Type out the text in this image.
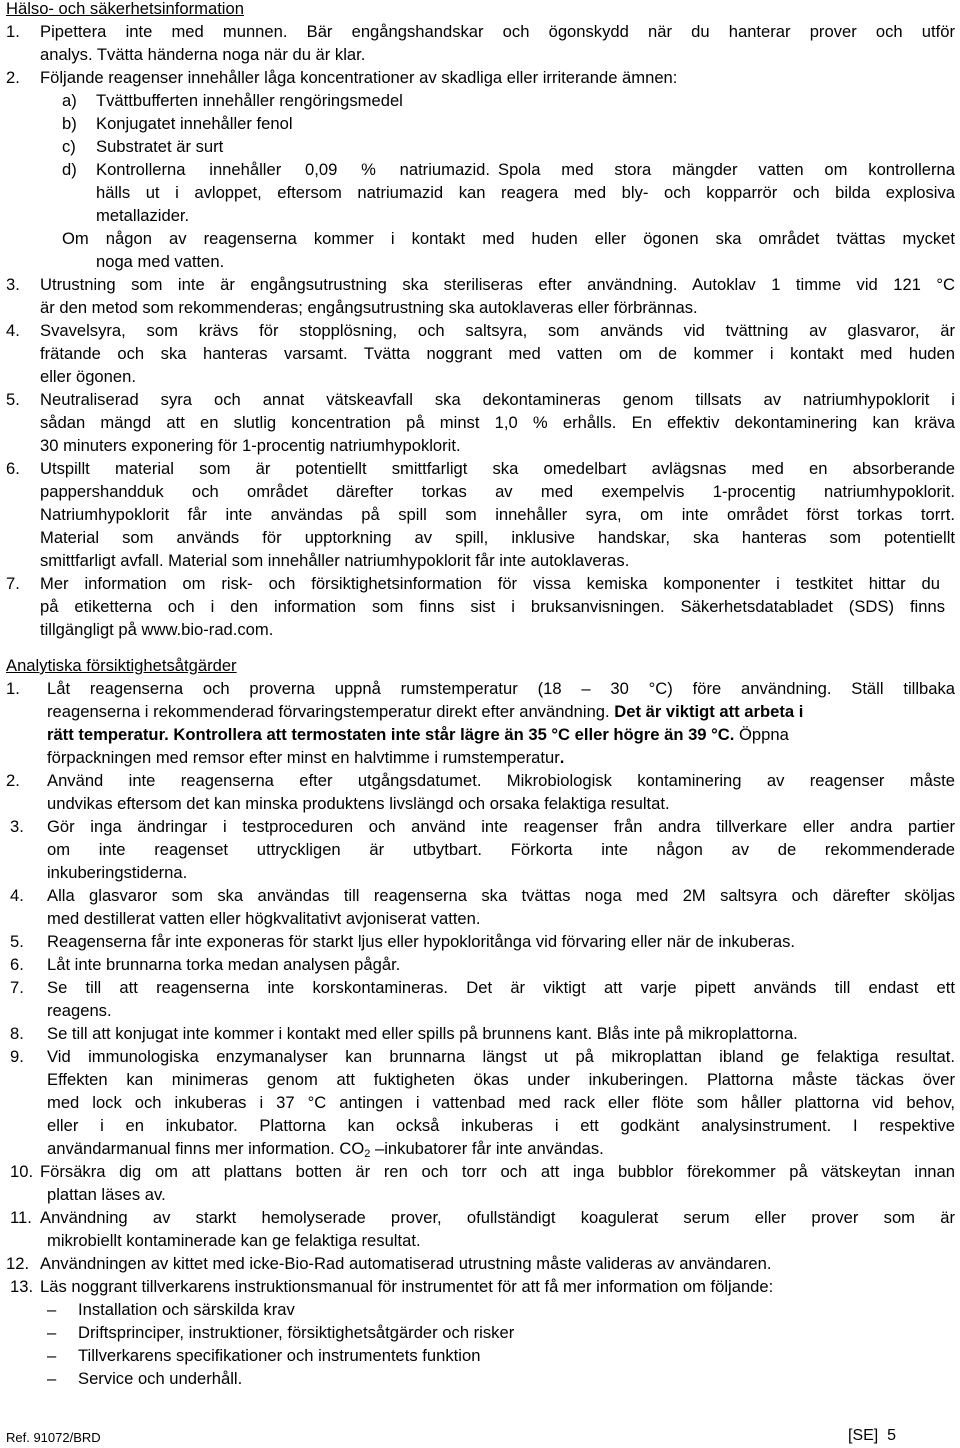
Hälso- och säkerhetsinformation
1. Pipettera inte med munnen. Bär engångshandskar och ögonskydd när du hanterar prover och utför
analys. Tvätta händerna noga när du är klar.
2. Följande reagenser innehåller låga koncentrationer av skadliga eller irriterande ämnen:
a) Tvättbufferten innehåller rengöringsmedel
b) Konjugatet innehåller fenol
c) Substratet är surt
d) Kontrollerna innehåller 0,09 % natriumazid. Spola med stora mängder vatten om kontrollerna
hälls ut i avloppet, eftersom natriumazid kan reagera med bly- och kopparrör och bilda explosiva
metallazider.
Om någon av reagenserna kommer i kontakt med huden eller ögonen ska området tvättas mycket
noga med vatten.
3. Utrustning som inte är engångsutrustning ska steriliseras efter användning. Autoklav 1 timme vid 121 °C
är den metod som rekommenderas; engångsutrustning ska autoklaveras eller förbrännas.
4. Svavelsyra, som krävs för stopplösning, och saltsyra, som används vid tvättning av glasvaror, är
frätande och ska hanteras varsamt. Tvätta noggrant med vatten om de kommer i kontakt med huden
eller ögonen.
5. Neutraliserad syra och annat vätskeavfall ska dekontamineras genom tillsats av natriumhypoklorit i
sådan mängd att en slutlig koncentration på minst 1,0 % erhålls. En effektiv dekontaminering kan kräva
30 minuters exponering för 1-procentig natriumhypoklorit.
6. Utspillt material som är potentiellt smittfarligt ska omedelbart avlägsnas med en absorberande
pappershandduk och området därefter torkas av med exempelvis 1-procentig natriumhypoklorit.
Natriumhypoklorit får inte användas på spill som innehåller syra, om inte området först torkas torrt.
Material som används för upptorkning av spill, inklusive handskar, ska hanteras som potentiellt
smittfarligt avfall. Material som innehåller natriumhypoklorit får inte autoklaveras.
7. Mer information om risk- och försiktighetsinformation för vissa kemiska komponenter i testkitet hittar du
på etiketterna och i den information som finns sist i bruksanvisningen. Säkerhetsdatabladet (SDS) finns
tillgängligt på www.bio-rad.com.
Analytiska försiktighetsåtgärder
1. Låt reagenserna och proverna uppnå rumstemperatur (18 – 30 °C) före användning. Ställ tillbaka
reagenserna i rekommenderad förvaringstemperatur direkt efter användning. Det är viktigt att arbeta i
rätt temperatur. Kontrollera att termostaten inte står lägre än 35 °C eller högre än 39 °C. Öppna
förpackningen med remsor efter minst en halvtimme i rumstemperatur.
2. Använd inte reagenserna efter utgångsdatumet. Mikrobiologisk kontaminering av reagenser måste
undvikas eftersom det kan minska produktens livslängd och orsaka felaktiga resultat.
3. Gör inga ändringar i testproceduren och använd inte reagenser från andra tillverkare eller andra partier
om inte reagenset uttryckligen är utbytbart. Förkorta inte någon av de rekommenderade
inkuberingstiderna.
4. Alla glasvaror som ska användas till reagenserna ska tvättas noga med 2M saltsyra och därefter sköljas
med destillerat vatten eller högkvalitativt avjoniserat vatten.
5. Reagenserna får inte exponeras för starkt ljus eller hypokloritånga vid förvaring eller när de inkuberas.
6. Låt inte brunnarna torka medan analysen pågår.
7. Se till att reagenserna inte korskontamineras. Det är viktigt att varje pipett används till endast ett
reagens.
8. Se till att konjugat inte kommer i kontakt med eller spills på brunnens kant. Blås inte på mikroplattorna.
9. Vid immunologiska enzymanalyser kan brunnarna längst ut på mikroplattan ibland ge felaktiga resultat.
Effekten kan minimeras genom att fuktigheten ökas under inkuberingen. Plattorna måste täckas över
med lock och inkuberas i 37 °C antingen i vattenbad med rack eller flöte som håller plattorna vid behov,
eller i en inkubator. Plattorna kan också inkuberas i ett godkänt analysinstrument. I respektive
användarmanual finns mer information. $CO_2$ –inkubatorer får inte användas.
10. Försäkra dig om att plattans botten är ren och torr och att inga bubblor förekommer på vätskeytan innan
plattan läses av.
11. Användning av starkt hemolyserade prover, ofullständigt koagulerat serum eller prover som är
mikrobiellt kontaminerade kan ge felaktiga resultat.
12. Användningen av kittet med icke-Bio-Rad automatiserad utrustning måste valideras av användaren.
13. Läs noggrant tillverkarens instruktionsmanual för instrumentet för att få mer information om följande:
– Installation och särskilda krav
– Driftsprinciper, instruktioner, försiktighetsåtgärder och risker
– Tillverkarens specifikationer och instrumentets funktion
– Service och underhåll.
Ref. 91072/BRD	[SE]  5
